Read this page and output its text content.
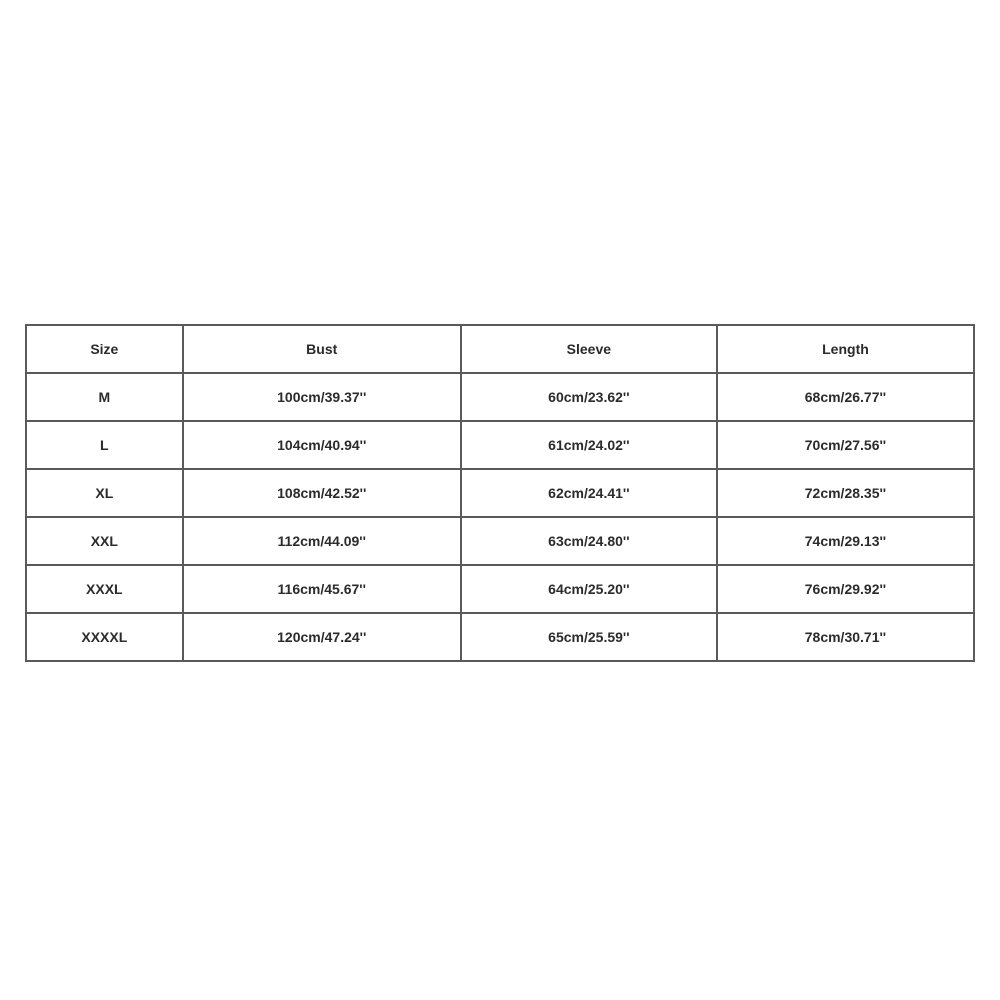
Size	Bust	Sleeve	Length
M	100cm/39.37''	60cm/23.62''	68cm/26.77''
L	104cm/40.94''	61cm/24.02''	70cm/27.56''
XL	108cm/42.52''	62cm/24.41''	72cm/28.35''
XXL	112cm/44.09''	63cm/24.80''	74cm/29.13''
XXXL	116cm/45.67''	64cm/25.20''	76cm/29.92''
XXXXL	120cm/47.24''	65cm/25.59''	78cm/30.71''
